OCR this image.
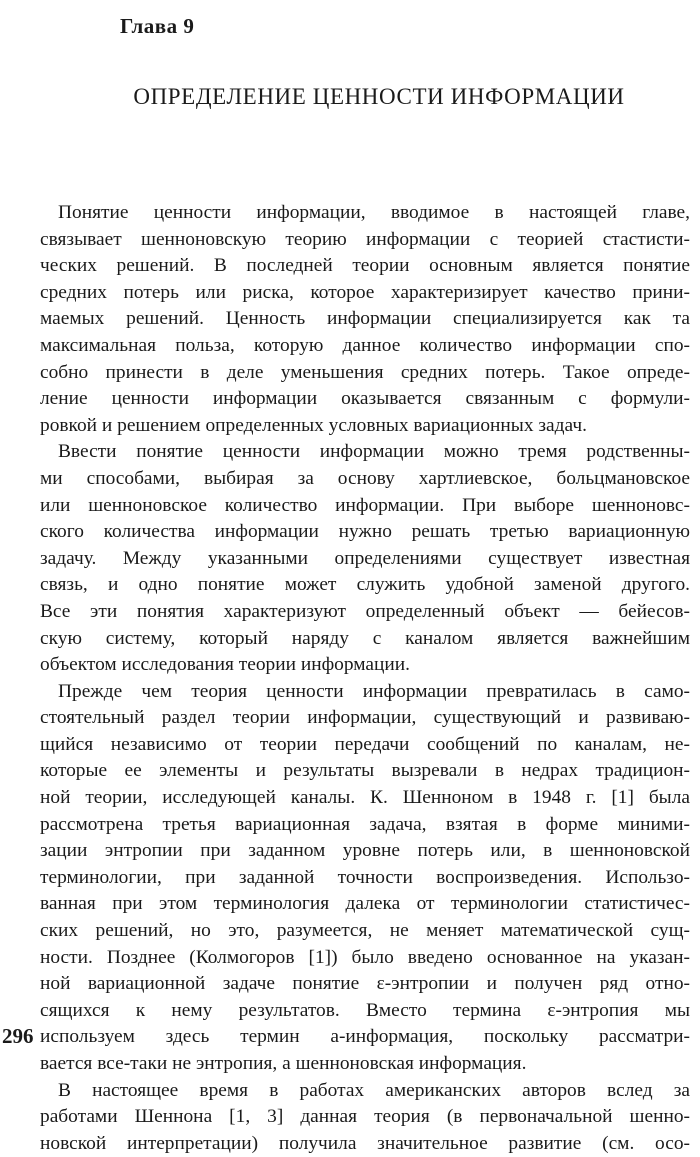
Глава 9
ОПРЕДЕЛЕНИЕ ЦЕННОСТИ ИНФОРМАЦИИ
Понятие ценности информации, вводимое в настоящей главе,
связывает шенноновскую теорию информации с теорией стастисти-
ческих решений. В последней теории основным является понятие
средних потерь или риска, которое характеризирует качество прини-
маемых решений. Ценность информации специализируется как та
максимальная польза, которую данное количество информации спо-
собно принести в деле уменьшения средних потерь. Такое опреде-
ление ценности информации оказывается связанным с формули-
ровкой и решением определенных условных вариационных задач.
Ввести понятие ценности информации можно тремя родственны-
ми способами, выбирая за основу хартлиевское, больцмановское
или шенноновское количество информации. При выборе шенноновс-
ского количества информации нужно решать третью вариационную
задачу. Между указанными определениями существует известная
связь, и одно понятие может служить удобной заменой другого.
Все эти понятия характеризуют определенный объект — бейесов-
скую систему, который наряду с каналом является важнейшим
объектом исследования теории информации.
Прежде чем теория ценности информации превратилась в само-
стоятельный раздел теории информации, существующий и развиваю-
щийся независимо от теории передачи сообщений по каналам, не-
которые ее элементы и результаты вызревали в недрах традицион-
ной теории, исследующей каналы. К. Шенноном в 1948 г. [1] была
рассмотрена третья вариационная задача, взятая в форме миними-
зации энтропии при заданном уровне потерь или, в шенноновской
терминологии, при заданной точности воспроизведения. Использо-
ванная при этом терминология далека от терминологии статистичес-
ских решений, но это, разумеется, не меняет математической сущ-
ности. Позднее (Колмогоров [1]) было введено основанное на указан-
ной вариационной задаче понятие ε-энтропии и получен ряд отно-
сящихся к нему результатов. Вместо термина ε-энтропия мы
используем здесь термин a-информация, поскольку рассматри-
вается все-таки не энтропия, а шенноновская информация.
В настоящее время в работах американских авторов вслед за
работами Шеннона [1, 3] данная теория (в первоначальной шенно-
новской интерпретации) получила значительное развитие (см. осо-
296
